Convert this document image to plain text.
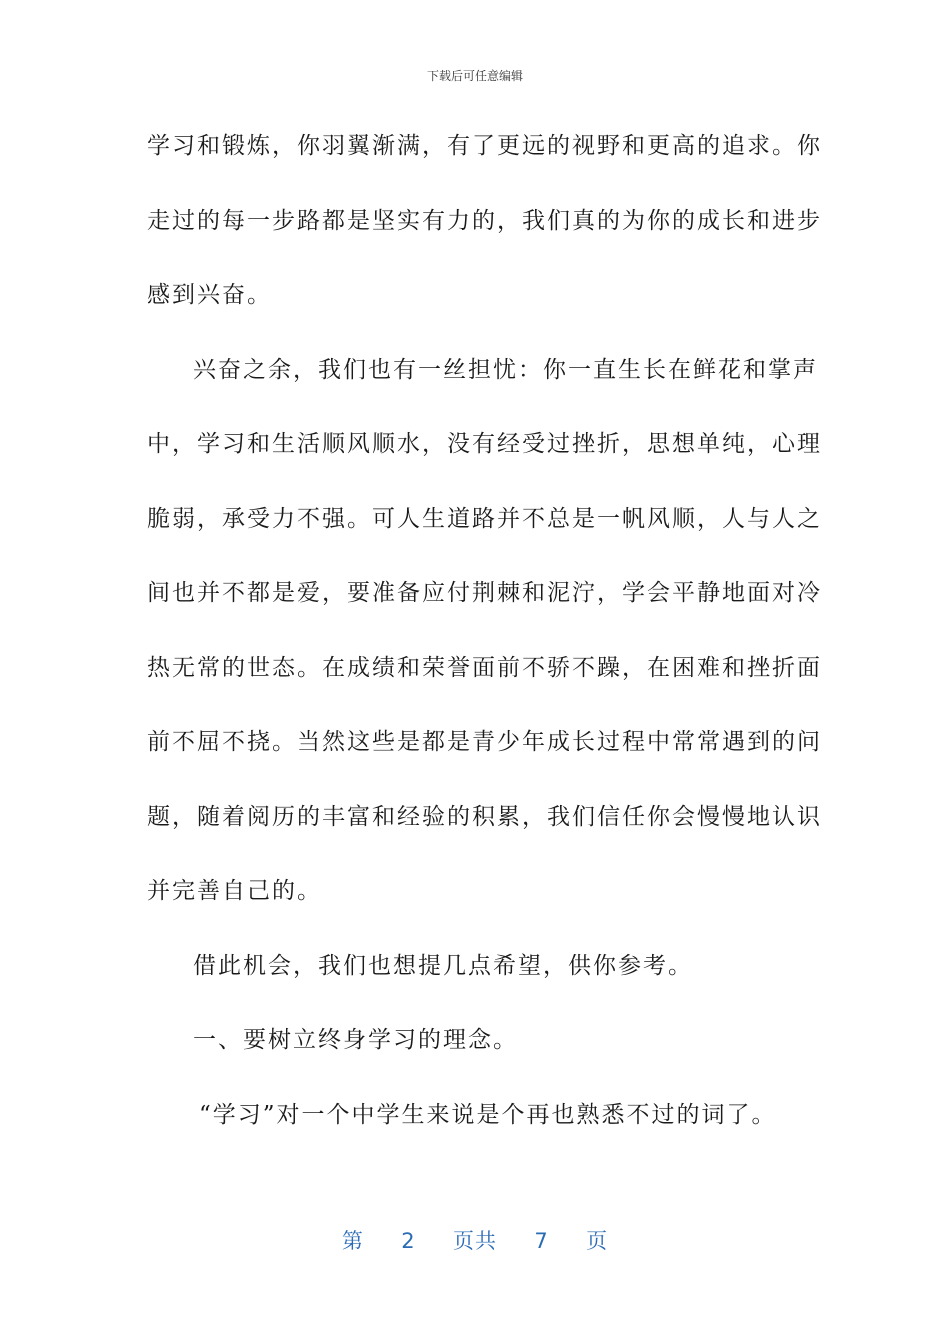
下载后可任意编辑
学习和锻炼，你羽翼渐满，有了更远的视野和更高的追求。你
走过的每一步路都是坚实有力的，我们真的为你的成长和进步
感到兴奋。
兴奋之余，我们也有一丝担忧：你一直生长在鲜花和掌声
中，学习和生活顺风顺水，没有经受过挫折，思想单纯，心理
脆弱，承受力不强。可人生道路并不总是一帆风顺，人与人之
间也并不都是爱，要准备应付荆棘和泥泞，学会平静地面对冷
热无常的世态。在成绩和荣誉面前不骄不躁，在困难和挫折面
前不屈不挠。当然这些是都是青少年成长过程中常常遇到的问
题，随着阅历的丰富和经验的积累，我们信任你会慢慢地认识
并完善自己的。
借此机会，我们也想提几点希望，供你参考。
一、要树立终身学习的理念。
“学习”对一个中学生来说是个再也熟悉不过的词了。
第 2 页共 7 页
